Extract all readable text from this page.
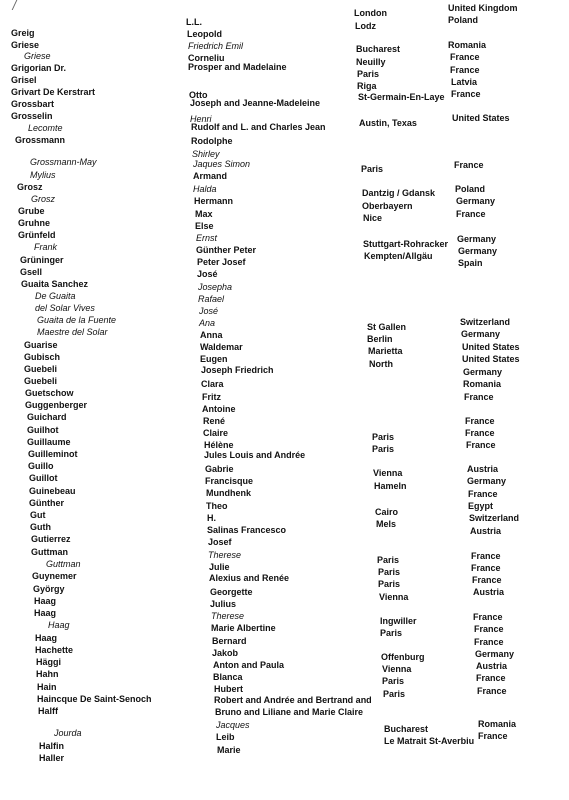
Greig
Griese
Griese
Grigorian Dr.
Grisel
Grivart De Kerstrart
Grossbart
Grosselin
Lecomte
Grossmann
Grossmann-May
Mylius
Grosz
Grosz
Grube
Gruhne
Grünfeld
Frank
Grüninger
Gsell
Guaita Sanchez
De Guaita
del Solar Vives
Guaita de la Fuente
Maestre del Solar
Guarise
Gubisch
Guebeli
Guebeli
Guetschow
Guggenberger
Guichard
Guilhot
Guillaume
Guilleminot
Guillo
Guillot
Guinebeau
Günther
Gut
Guth
Gutierrez
Guttman
Guttman
Guynemer
György
Haag
Haag
Haag
Haag
Hachette
Häggi
Hahn
Hain
Haincque De Saint-Senoch
Halff
Jourda
Halfin
Haller
L.L.
Leopold
Friedrich Emil
Corneliu
Prosper and Madelaine
Otto
Joseph and Jeanne-Madeleine
Henri
Rudolf and L. and Charles Jean
Rodolphe
Shirley
Jaques Simon
Armand
Halda
Hermann
Max
Else
Ernst
Günther Peter
Peter Josef
José
Josepha
Rafael
José
Ana
Anna
Waldemar
Eugen
Joseph Friedrich
Clara
Fritz
Antoine
René
Claire
Hélène
Jules Louis and Andrée
Gabrie
Francisque
Mundhenk
Theo
H.
Salinas Francesco
Josef
Therese
Julie
Alexius and Renée
Georgette
Julius
Therese
Marie Albertine
Bernard
Jakob
Anton and Paula
Blanca
Hubert
Robert and Andrée and Bertrand and
Bruno and Liliane and Marie Claire
Jacques
Leib
Marie
London
Lodz
Bucharest
Neuilly
Paris
Riga
St-Germain-En-Laye
Austin, Texas
Paris
Dantzig / Gdansk
Oberbayern
Nice
Stuttgart-Rohracker
Kempten/Allgäu
St Gallen
Berlin
Marietta
North
Paris
Paris
Vienna
Hameln
Cairo
Mels
Paris
Paris
Paris
Vienna
Ingwiller
Paris
Offenburg
Vienna
Paris
Paris
Bucharest
Le Matrait St-Averbiu
United Kingdom
Poland
Romania
France
France
Latvia
France
United States
France
Poland
Germany
France
Germany
Germany
Spain
Switzerland
Germany
United States
United States
Germany
Romania
France
France
France
France
Austria
Germany
France
Egypt
Switzerland
Austria
France
France
France
Austria
France
France
France
Germany
Austria
France
France
Romania
France
